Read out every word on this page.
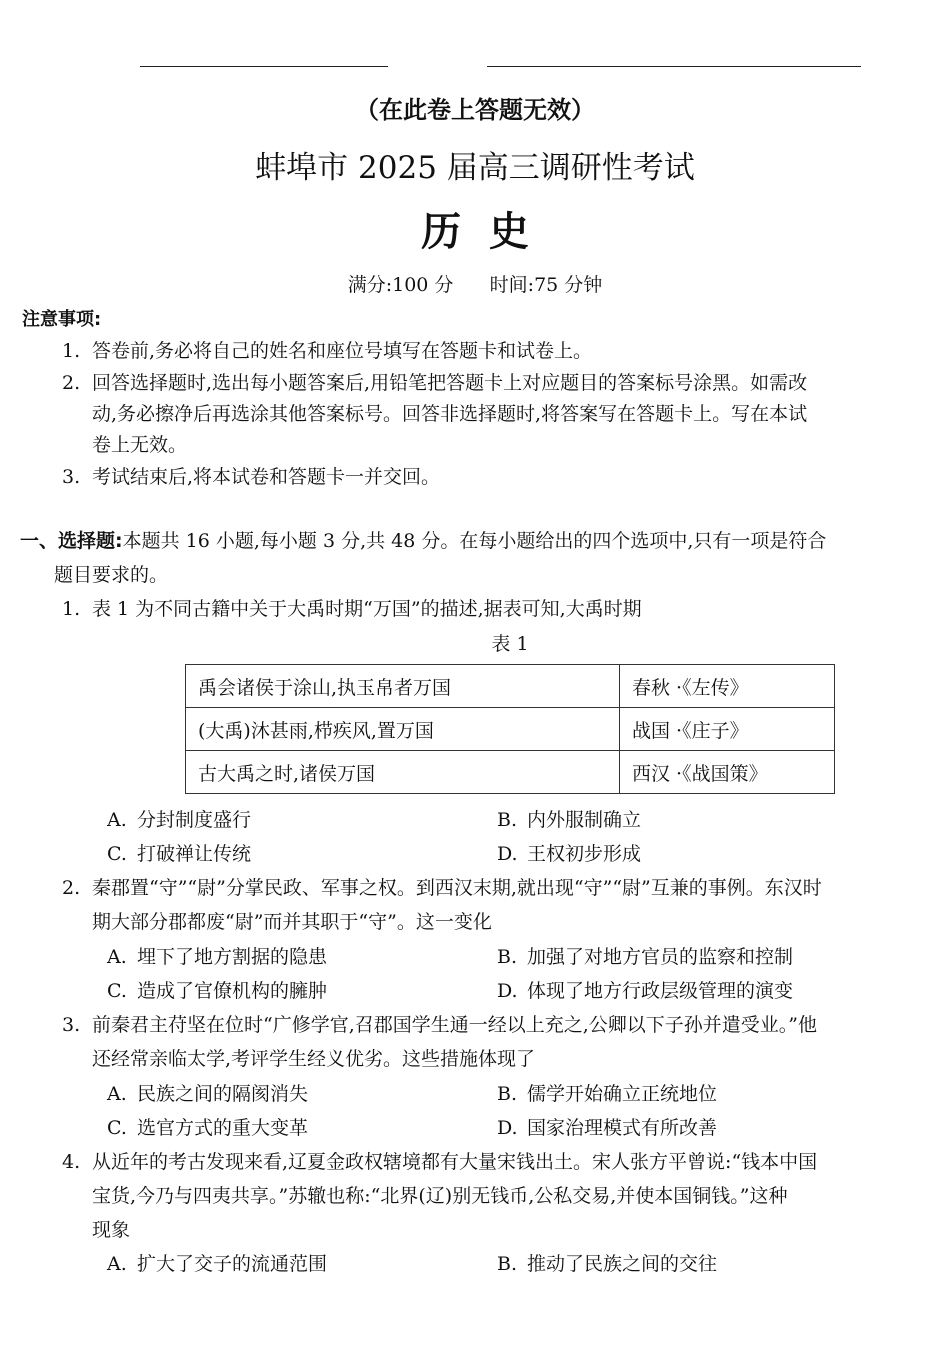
（在此卷上答题无效）
蚌埠市 2025 届高三调研性考试
历  史
满分:100 分      时间:75 分钟
注意事项:
1. 答卷前,务必将自己的姓名和座位号填写在答题卡和试卷上。
2. 回答选择题时,选出每小题答案后,用铅笔把答题卡上对应题目的答案标号涂黑。如需改
动,务必擦净后再选涂其他答案标号。回答非选择题时,将答案写在答题卡上。写在本试
卷上无效。
3. 考试结束后,将本试卷和答题卡一并交回。
一、选择题:本题共 16 小题,每小题 3 分,共 48 分。在每小题给出的四个选项中,只有一项是符合
题目要求的。
1. 表 1 为不同古籍中关于大禹时期“万国”的描述,据表可知,大禹时期
表 1
禹会诸侯于涂山,执玉帛者万国	春秋 ·《左传》
(大禹)沐甚雨,栉疾风,置万国	战国 ·《庄子》
古大禹之时,诸侯万国	西汉 ·《战国策》
A. 分封制度盛行	B. 内外服制确立
C. 打破禅让传统	D. 王权初步形成
2. 秦郡置“守”“尉”分掌民政、军事之权。到西汉末期,就出现“守”“尉”互兼的事例。东汉时
期大部分郡都废“尉”而并其职于“守”。这一变化
A. 埋下了地方割据的隐患	B. 加强了对地方官员的监察和控制
C. 造成了官僚机构的臃肿	D. 体现了地方行政层级管理的演变
3. 前秦君主苻坚在位时“广修学官,召郡国学生通一经以上充之,公卿以下子孙并遣受业。”他
还经常亲临太学,考评学生经义优劣。这些措施体现了
A. 民族之间的隔阂消失	B. 儒学开始确立正统地位
C. 选官方式的重大变革	D. 国家治理模式有所改善
4. 从近年的考古发现来看,辽夏金政权辖境都有大量宋钱出土。宋人张方平曾说:“钱本中国
宝货,今乃与四夷共享。”苏辙也称:“北界(辽)别无钱币,公私交易,并使本国铜钱。”这种
现象
A. 扩大了交子的流通范围	B. 推动了民族之间的交往
